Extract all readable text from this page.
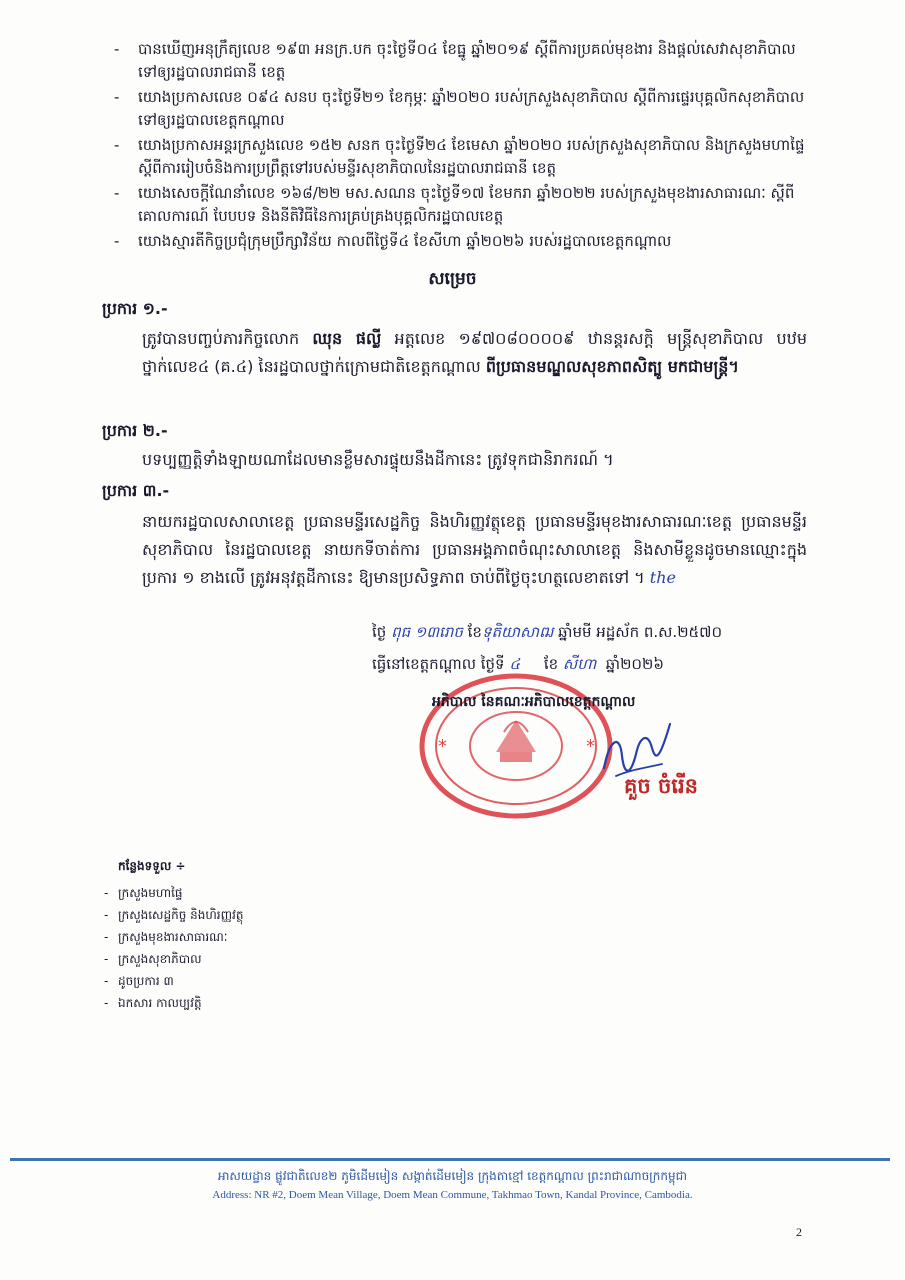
- បានឃើញអនុក្រឹត្យលេខ ១៩៣ អនក្រ.បក ចុះថ្ងៃទី០៤ ខែធ្នូ ឆ្នាំ២០១៩ ស្តីពីការប្រគល់មុខងារ និងផ្តល់សេវាសុខាភិបាល ទៅឲ្យរដ្ឋបាលរាជធានី ខេត្ត
- យោងប្រកាសលេខ ០៩៤ សនប ចុះថ្ងៃទី២១ ខែកុម្ភៈ ឆ្នាំ២០២០ របស់ក្រសួងសុខាភិបាល ស្តីពីការផ្ទេរបុគ្គលិកសុខាភិបាល ទៅឲ្យរដ្ឋបាលខេត្តកណ្ដាល
- យោងប្រកាសអន្តរក្រសួងលេខ ១៥២ សនក ចុះថ្ងៃទី២៤ ខែមេសា ឆ្នាំ២០២០ របស់ក្រសួងសុខាភិបាល និងក្រសួងមហាផ្ទៃ ស្តីពីការរៀបចំនិងការប្រព្រឹត្តទៅរបស់មន្ទីរសុខាភិបាលនៃរដ្ឋបាលរាជធានី ខេត្ត
- យោងសេចក្តីណែនាំលេខ ១៦៨/២២ មស.សណន ចុះថ្ងៃទី១៧ ខែមករា ឆ្នាំ២០២២ របស់ក្រសួងមុខងារសាធារណៈ ស្តីពីគោលការណ៍ បែបបទ និងនីតិវិធីនៃការគ្រប់គ្រងបុគ្គលិករដ្ឋបាលខេត្ត
- យោងស្មារតីកិច្ចប្រជុំក្រុមប្រឹក្សាវិន័យ កាលពីថ្ងៃទី៤ ខែសីហា ឆ្នាំ២០២៦ របស់រដ្ឋបាលខេត្តកណ្ដាល
សម្រេច
ប្រការ ១.-
ត្រូវបានបញ្ចប់ភារកិច្ចលោក ឈុន ផល្លី អត្តលេខ ១៩៧០៨០០០០៩ ឋានន្តរសក្តិ មន្ត្រីសុខាភិបាល បឋម ថ្នាក់លេខ៤ (គ.៤) នៃរដ្ឋបាលថ្នាក់ក្រោមជាតិខេត្តកណ្ដាល ពីប្រធានមណ្ឌលសុខភាពសិត្បូ មកជាមន្ត្រី។
ប្រការ ២.-
បទប្បញ្ញត្តិទាំងឡាយណាដែលមានខ្លឹមសារផ្ទុយនឹងដីកានេះ ត្រូវទុកជានិរាករណ៍ ។
ប្រការ ៣.-
នាយករដ្ឋបាលសាលាខេត្ត ប្រធានមន្ទីរសេដ្ឋកិច្ច និងហិរញ្ញវត្ថុខេត្ត ប្រធានមន្ទីរមុខងារសាធារណៈខេត្ត ប្រធានមន្ទីរសុខាភិបាល នៃរដ្ឋបាលខេត្ត នាយកទីចាត់ការ ប្រធានអង្គភាពចំណុះសាលាខេត្ត និងសាមីខ្លួនដូចមានឈ្មោះក្នុងប្រការ ១ ខាងលើ ត្រូវអនុវត្តដីកានេះ ឱ្យមានប្រសិទ្ធភាព ចាប់ពីថ្ងៃចុះហត្ថលេខាតទៅ ។ the
ថ្ងៃ ពុធ ១៣រោច ខែទុតិយាសាឍ ឆ្នាំមមី អដ្ឋស័ក ព.ស.២៥៧០
ធ្វើនៅខេត្តកណ្ដាល ថ្ងៃទី ៤ ខែ សីហា ឆ្នាំ២០២៦
*	*
អភិបាល នៃគណៈអភិបាលខេត្តកណ្ដាល
គួច ចំរើន
កន្លែងទទួល ÷
- ក្រសួងមហាផ្ទៃ
- ក្រសួងសេដ្ឋកិច្ច និងហិរញ្ញវត្ថុ
- ក្រសួងមុខងារសាធារណៈ
- ក្រសួងសុខាភិបាល
- ដូចប្រការ ៣
- ឯកសារ កាលប្បវត្តិ
អាសយដ្ឋាន ផ្លូវជាតិលេខ២ ភូមិដើមមៀន សង្កាត់ដើមមៀន ក្រុងតាខ្មៅ ខេត្តកណ្ដាល ព្រះរាជាណាចក្រកម្ពុជា
Address: NR #2, Doem Mean Village, Doem Mean Commune, Takhmao Town, Kandal Province, Cambodia.
2
